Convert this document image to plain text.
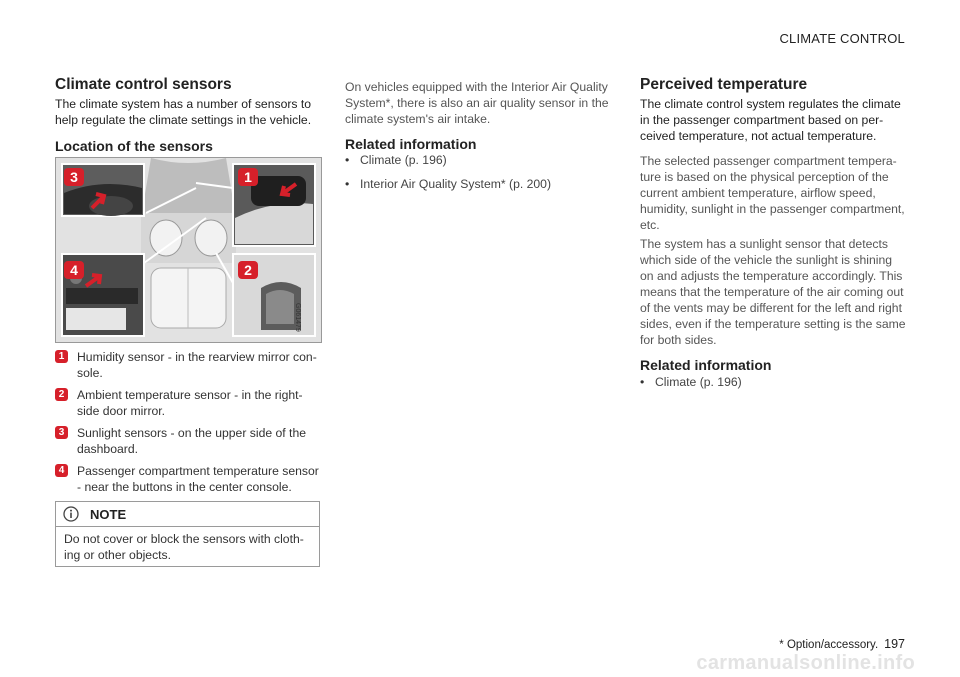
CLIMATE CONTROL
Climate control sensors

The climate system has a number of sensors to help regulate the climate settings in the vehicle.

Location of the sensors
3	1
4	2
G061479
1	Humidity sensor - in the rearview mirror con-sole.
2	Ambient temperature sensor - in the right-side door mirror.
3	Sunlight sensors - on the upper side of the dashboard.
4	Passenger compartment temperature sensor - near the buttons in the center console.
NOTE
Do not cover or block the sensors with cloth-ing or other objects.

On vehicles equipped with the Interior Air Quality System*, there is also an air quality sensor in the climate system's air intake.

Related information
• Climate (p. 196)
• Interior Air Quality System* (p. 200)
Perceived temperature

The climate control system regulates the climate in the passenger compartment based on per-ceived temperature, not actual temperature.

The selected passenger compartment tempera-ture is based on the physical perception of the current ambient temperature, airflow speed, humidity, sunlight in the passenger compartment, etc.

The system has a sunlight sensor that detects which side of the vehicle the sunlight is shining on and adjusts the temperature accordingly. This means that the temperature of the air coming out of the vents may be different for the left and right sides, even if the temperature setting is the same for both sides.

Related information
• Climate (p. 196)
* Option/accessory. 197
carmanualsonline.info
